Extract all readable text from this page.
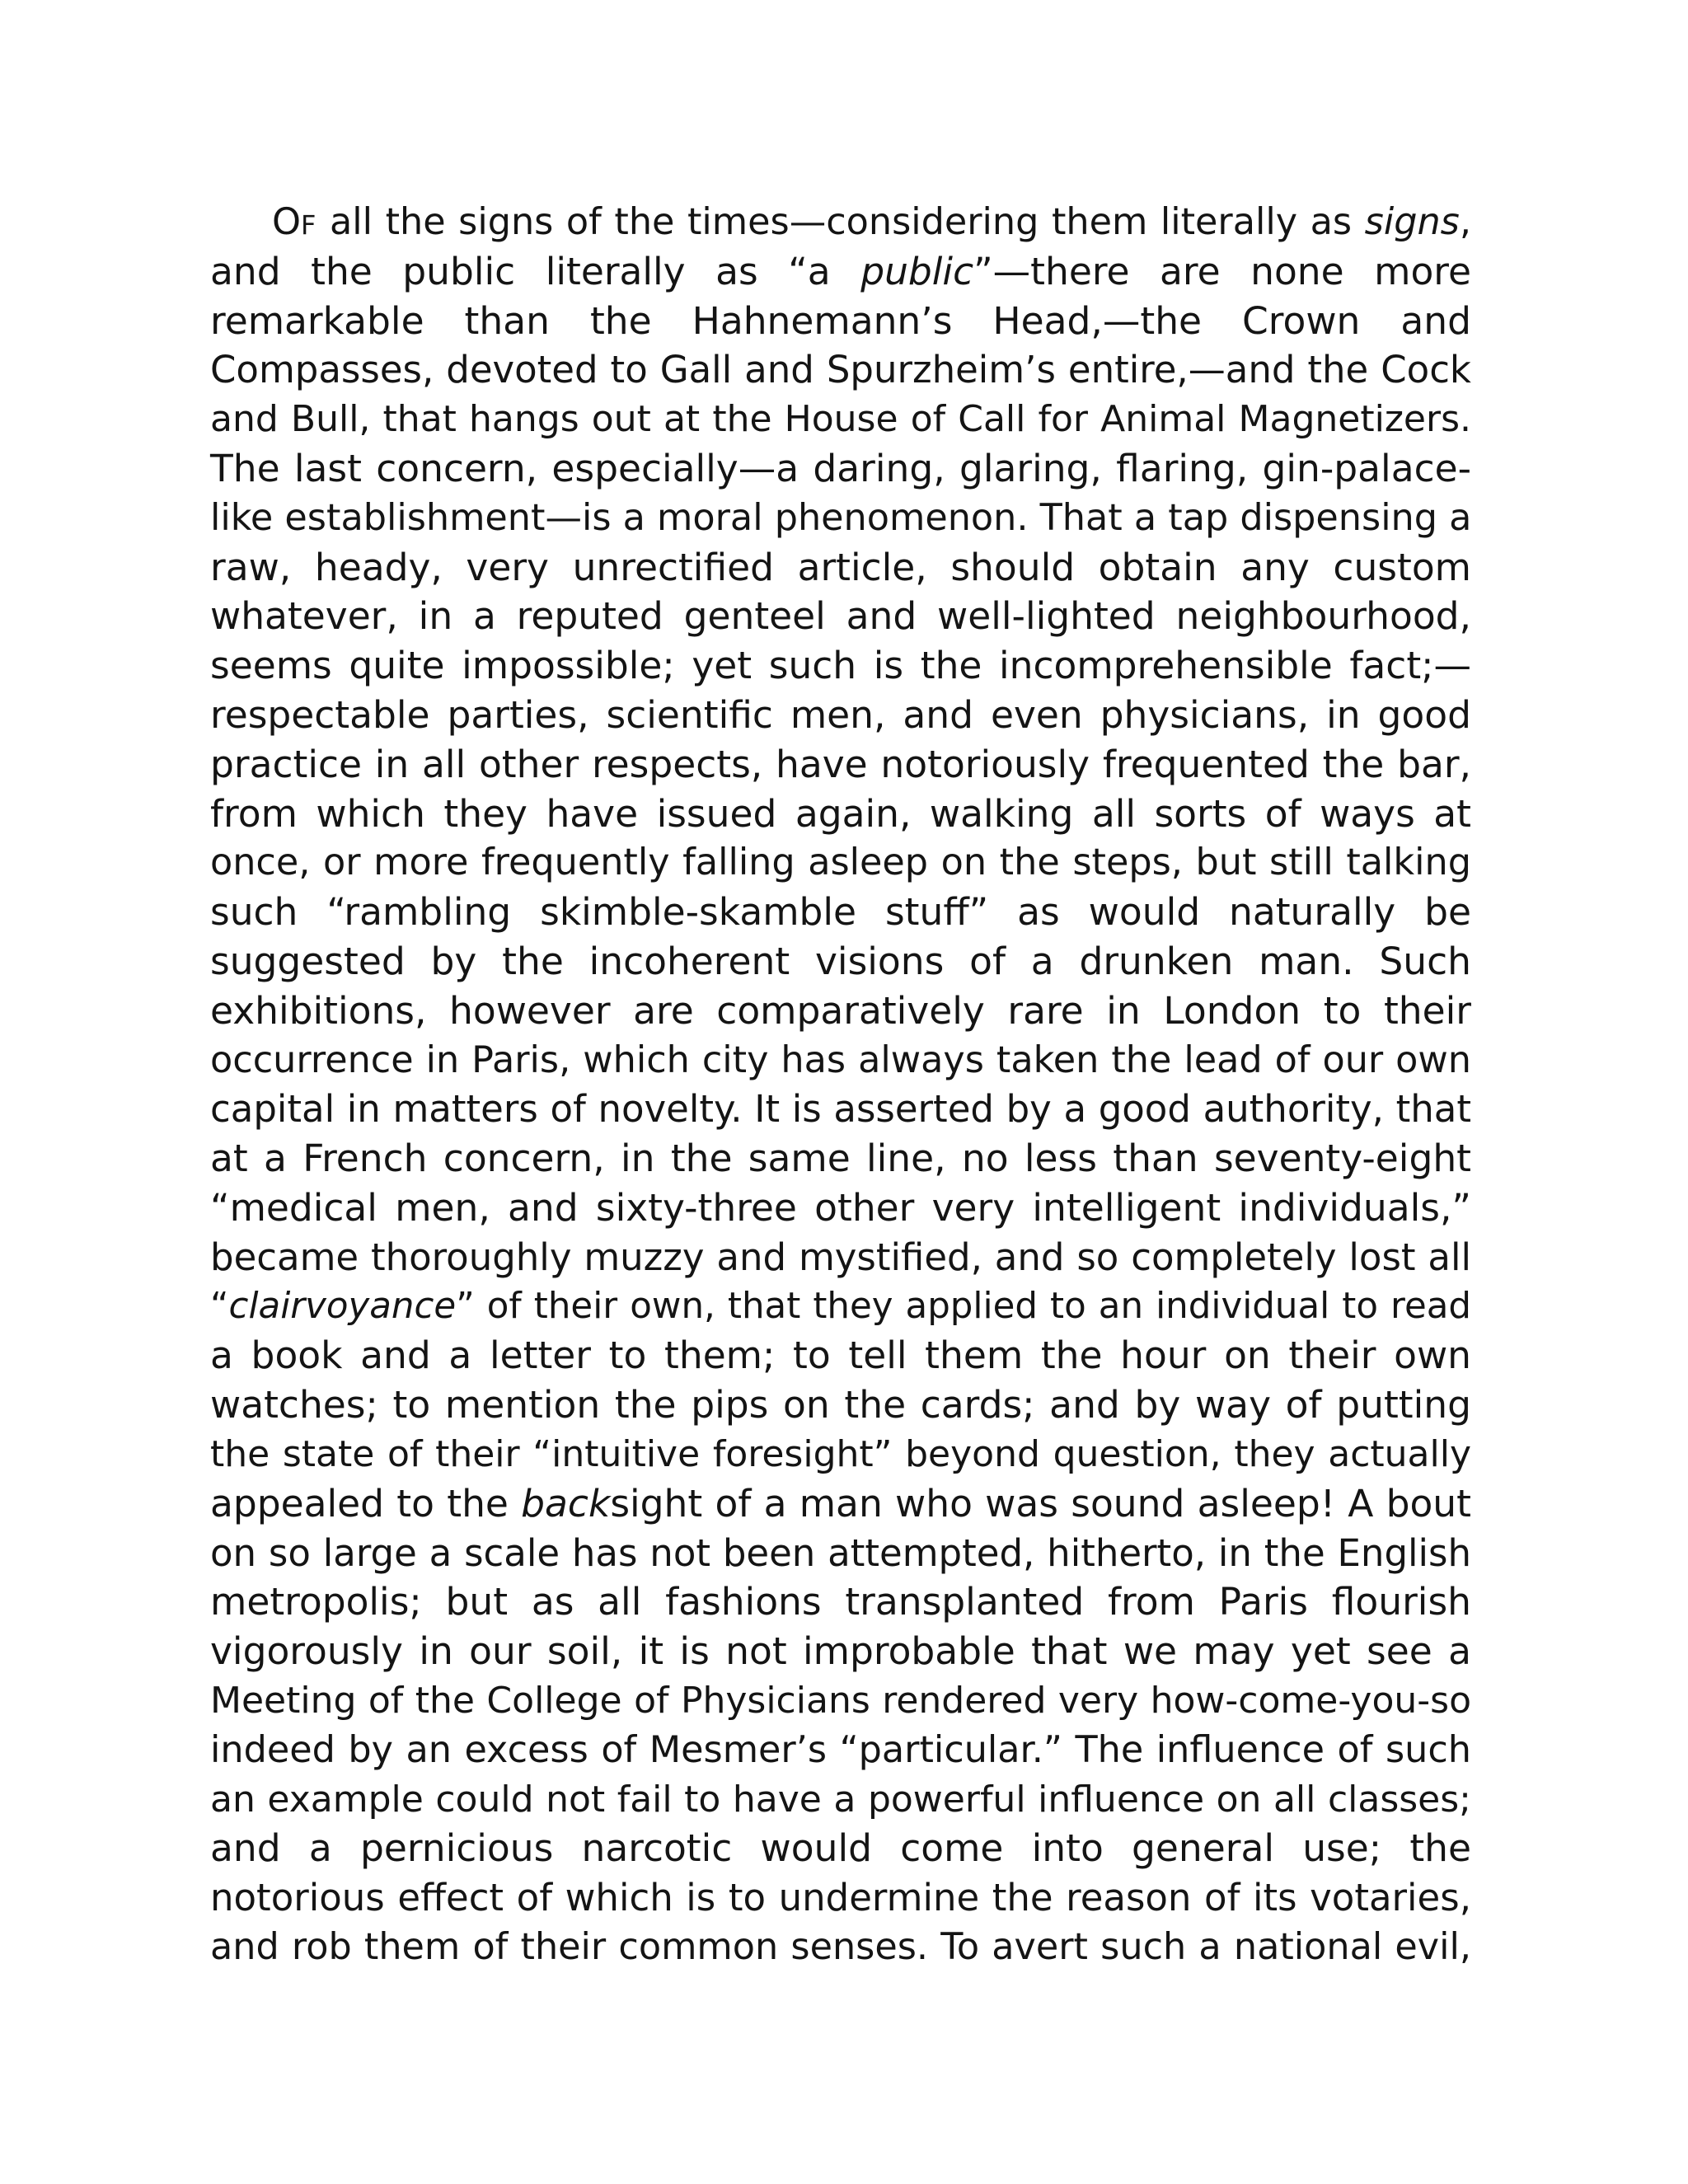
OF all the signs of the times—considering them literally as signs,
and the public literally as “a public”—there are none more
remarkable than the Hahnemann’s Head,—the Crown and
Compasses, devoted to Gall and Spurzheim’s entire,—and the Cock
and Bull, that hangs out at the House of Call for Animal Magnetizers.
The last concern, especially—a daring, glaring, flaring, gin-palace-
like establishment—is a moral phenomenon. That a tap dispensing a
raw, heady, very unrectified article, should obtain any custom
whatever, in a reputed genteel and well-lighted neighbourhood,
seems quite impossible; yet such is the incomprehensible fact;—
respectable parties, scientific men, and even physicians, in good
practice in all other respects, have notoriously frequented the bar,
from which they have issued again, walking all sorts of ways at
once, or more frequently falling asleep on the steps, but still talking
such “rambling skimble-skamble stuff” as would naturally be
suggested by the incoherent visions of a drunken man. Such
exhibitions, however are comparatively rare in London to their
occurrence in Paris, which city has always taken the lead of our own
capital in matters of novelty. It is asserted by a good authority, that
at a French concern, in the same line, no less than seventy-eight
“medical men, and sixty-three other very intelligent individuals,”
became thoroughly muzzy and mystified, and so completely lost all
“clairvoyance” of their own, that they applied to an individual to read
a book and a letter to them; to tell them the hour on their own
watches; to mention the pips on the cards; and by way of putting
the state of their “intuitive foresight” beyond question, they actually
appealed to the backsight of a man who was sound asleep! A bout
on so large a scale has not been attempted, hitherto, in the English
metropolis; but as all fashions transplanted from Paris flourish
vigorously in our soil, it is not improbable that we may yet see a
Meeting of the College of Physicians rendered very how-come-you-so
indeed by an excess of Mesmer’s “particular.” The influence of such
an example could not fail to have a powerful influence on all classes;
and a pernicious narcotic would come into general use; the
notorious effect of which is to undermine the reason of its votaries,
and rob them of their common senses. To avert such a national evil,
